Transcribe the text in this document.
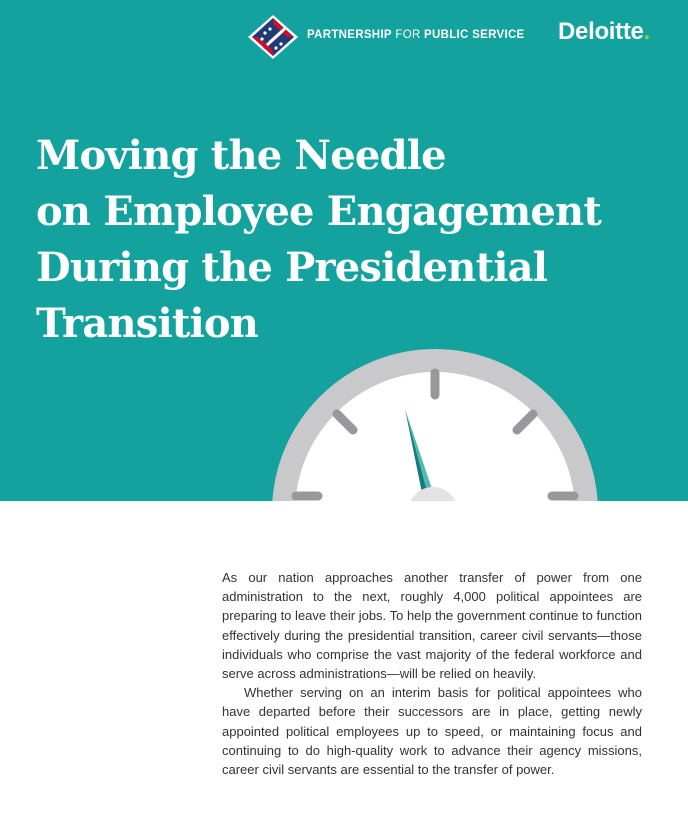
PARTNERSHIP FOR PUBLIC SERVICE Deloitte.
Moving the Needle
on Employee Engagement
During the Presidential
Transition

As our nation approaches another transfer of power from one administration to the next, roughly 4,000 political appointees are preparing to leave their jobs. To help the government continue to function effectively during the presidential transition, career civil servants—those individuals who comprise the vast majority of the federal workforce and serve across administrations—will be relied on heavily.

Whether serving on an interim basis for political appointees who have departed before their successors are in place, getting newly appointed political employees up to speed, or maintaining focus and continuing to do high-quality work to advance their agency missions, career civil servants are essential to the transfer of power.
